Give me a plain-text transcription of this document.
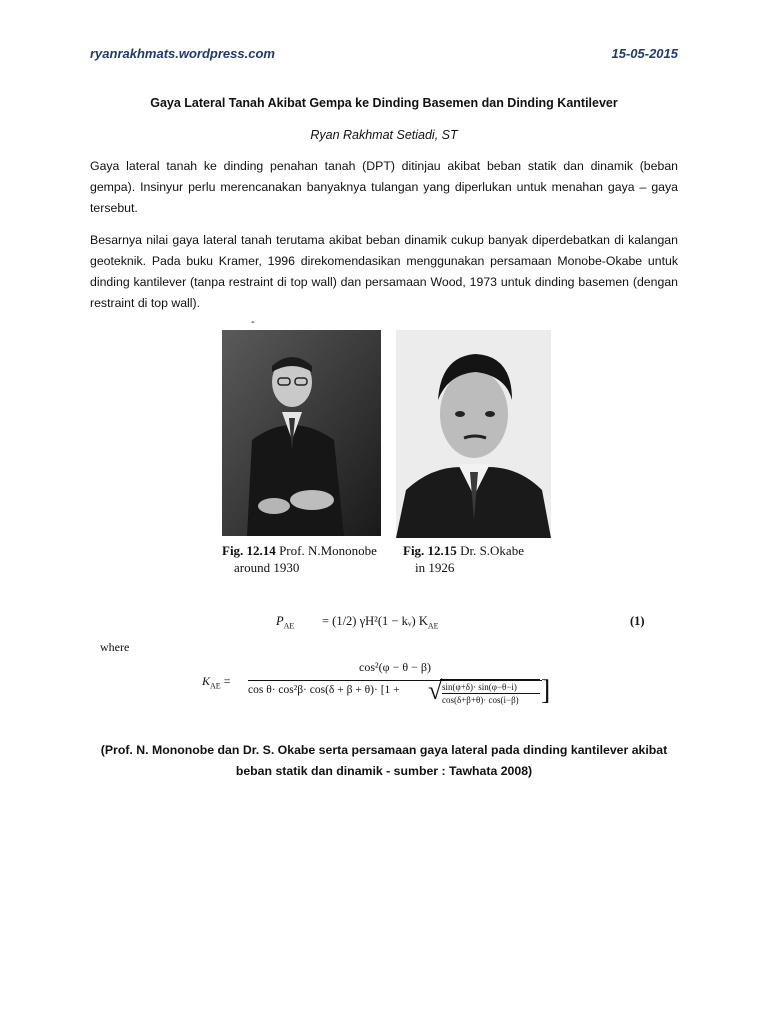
ryanrakhmats.wordpress.com	15-05-2015
Gaya Lateral Tanah Akibat Gempa ke Dinding Basemen dan Dinding Kantilever
Ryan Rakhmat Setiadi, ST

Gaya lateral tanah ke dinding penahan tanah (DPT) ditinjau akibat beban statik dan dinamik (beban gempa). Insinyur perlu merencanakan banyaknya tulangan yang diperlukan untuk menahan gaya – gaya tersebut.

Besarnya nilai gaya lateral tanah terutama akibat beban dinamik cukup banyak diperdebatkan di kalangan geoteknik. Pada buku Kramer, 1996 direkomendasikan menggunakan persamaan Monobe-Okabe untuk dinding kantilever (tanpa restraint di top wall) dan persamaan Wood, 1973 untuk dinding basemen (dengan restraint di top wall).

-
Fig. 12.14 Prof. N.Mononobe
around 1930
Fig. 12.15 Dr. S.Okabe
in 1926
$P_{AE} = (1/2) \gamma H^2(1$ − kᵥ) $K_{AE}$	(1)
where
$K_{AE}$ =
cos²(φ − θ − β)
cos θ· cos²β· cos(δ + β + θ)· [1 + √ sin(φ+δ)· sin(φ−θ−i)
cos(δ+β+θ)· cos(i−β) ]
(Prof. N. Mononobe dan Dr. S. Okabe serta persamaan gaya lateral pada dinding kantilever akibat beban statik dan dinamik - sumber : Tawhata 2008)
